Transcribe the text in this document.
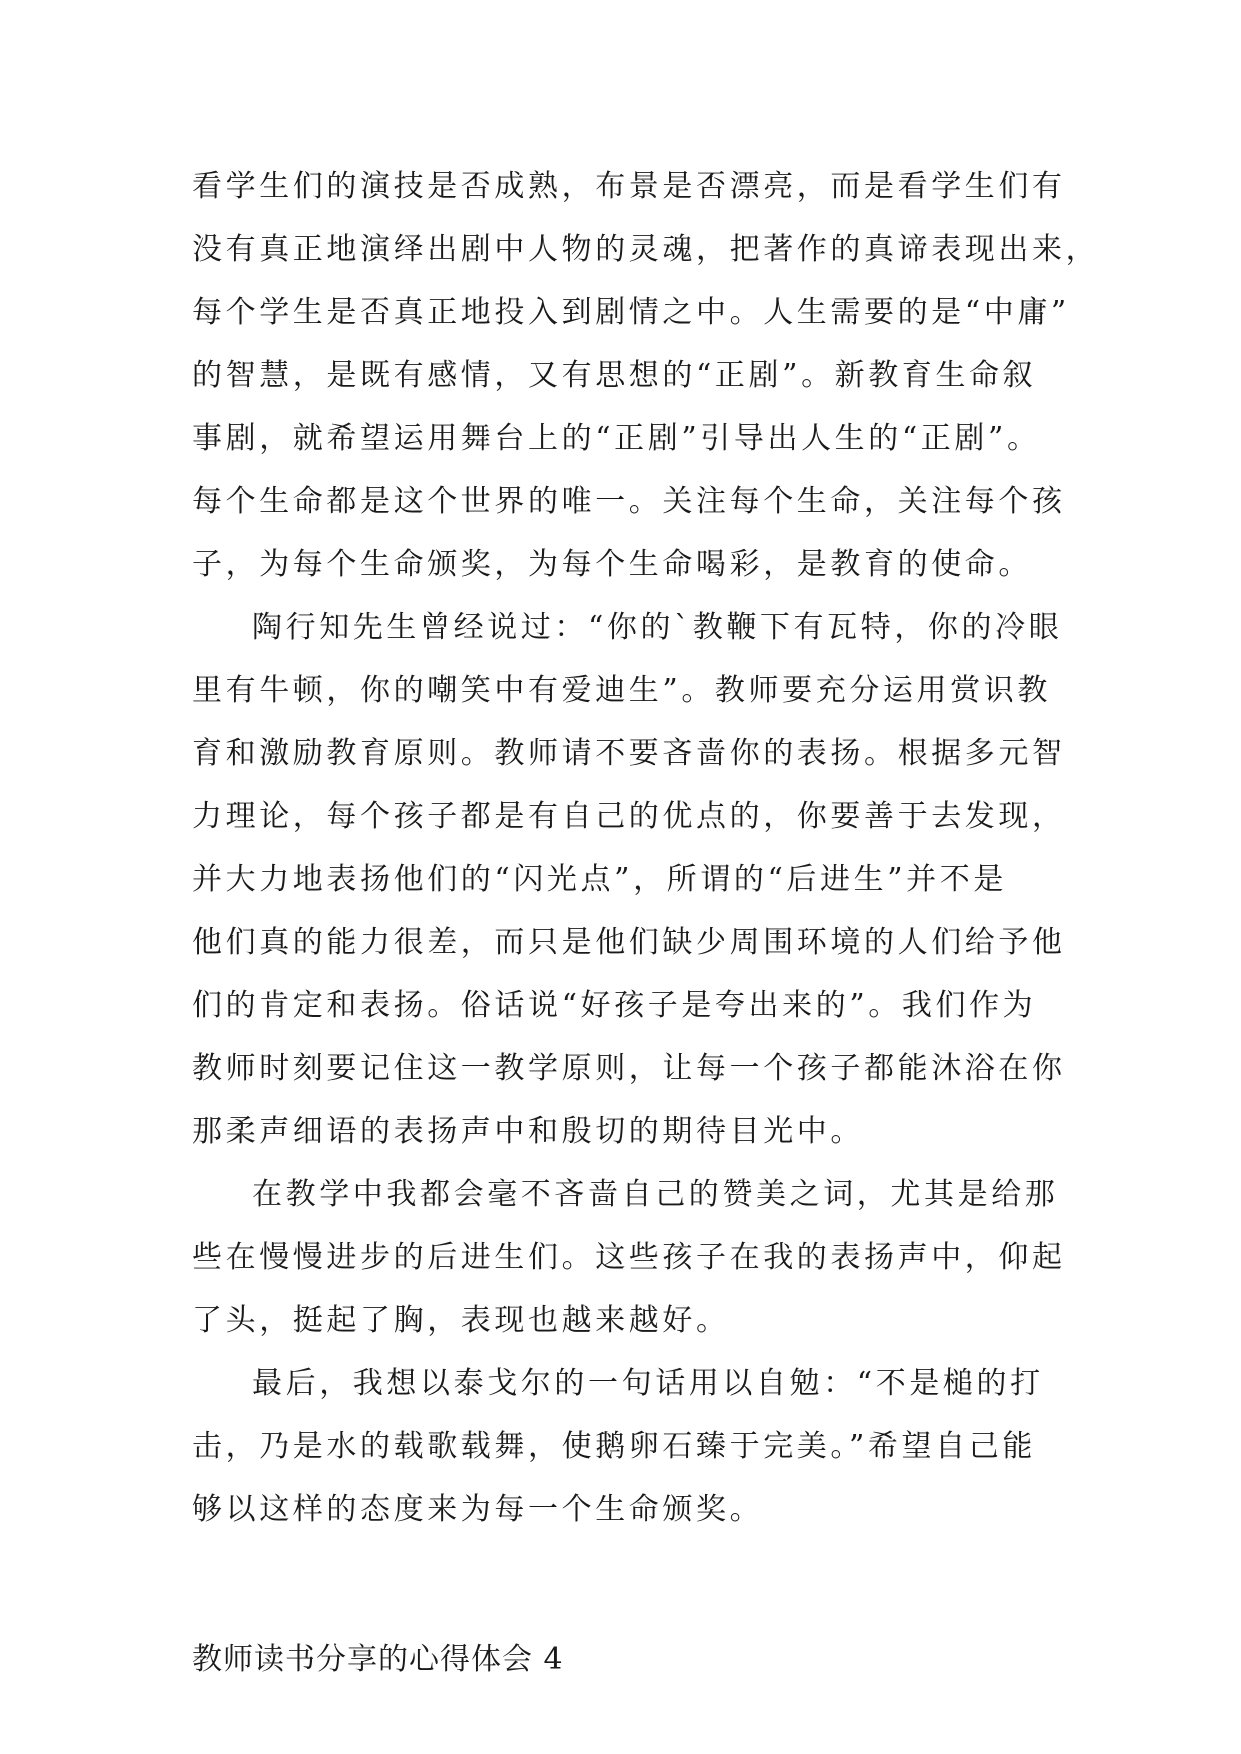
看学生们的演技是否成熟，布景是否漂亮，而是看学生们有
没有真正地演绎出剧中人物的灵魂，把著作的真谛表现出来，
每个学生是否真正地投入到剧情之中。人生需要的是“中庸”
的智慧，是既有感情，又有思想的“正剧”。新教育生命叙
事剧，就希望运用舞台上的“正剧”引导出人生的“正剧”。
每个生命都是这个世界的唯一。关注每个生命，关注每个孩
子，为每个生命颁奖，为每个生命喝彩，是教育的使命。
陶行知先生曾经说过：“你的`教鞭下有瓦特，你的冷眼
里有牛顿，你的嘲笑中有爱迪生”。教师要充分运用赏识教
育和激励教育原则。教师请不要吝啬你的表扬。根据多元智
力理论，每个孩子都是有自己的优点的，你要善于去发现，
并大力地表扬他们的“闪光点”，所谓的“后进生”并不是
他们真的能力很差，而只是他们缺少周围环境的人们给予他
们的肯定和表扬。俗话说“好孩子是夸出来的”。我们作为
教师时刻要记住这一教学原则，让每一个孩子都能沐浴在你
那柔声细语的表扬声中和殷切的期待目光中。
在教学中我都会毫不吝啬自己的赞美之词，尤其是给那
些在慢慢进步的后进生们。这些孩子在我的表扬声中，仰起
了头，挺起了胸，表现也越来越好。
最后，我想以泰戈尔的一句话用以自勉：“不是槌的打
击，乃是水的载歌载舞，使鹅卵石臻于完美。”希望自己能
够以这样的态度来为每一个生命颁奖。
教师读书分享的心得体会 4
